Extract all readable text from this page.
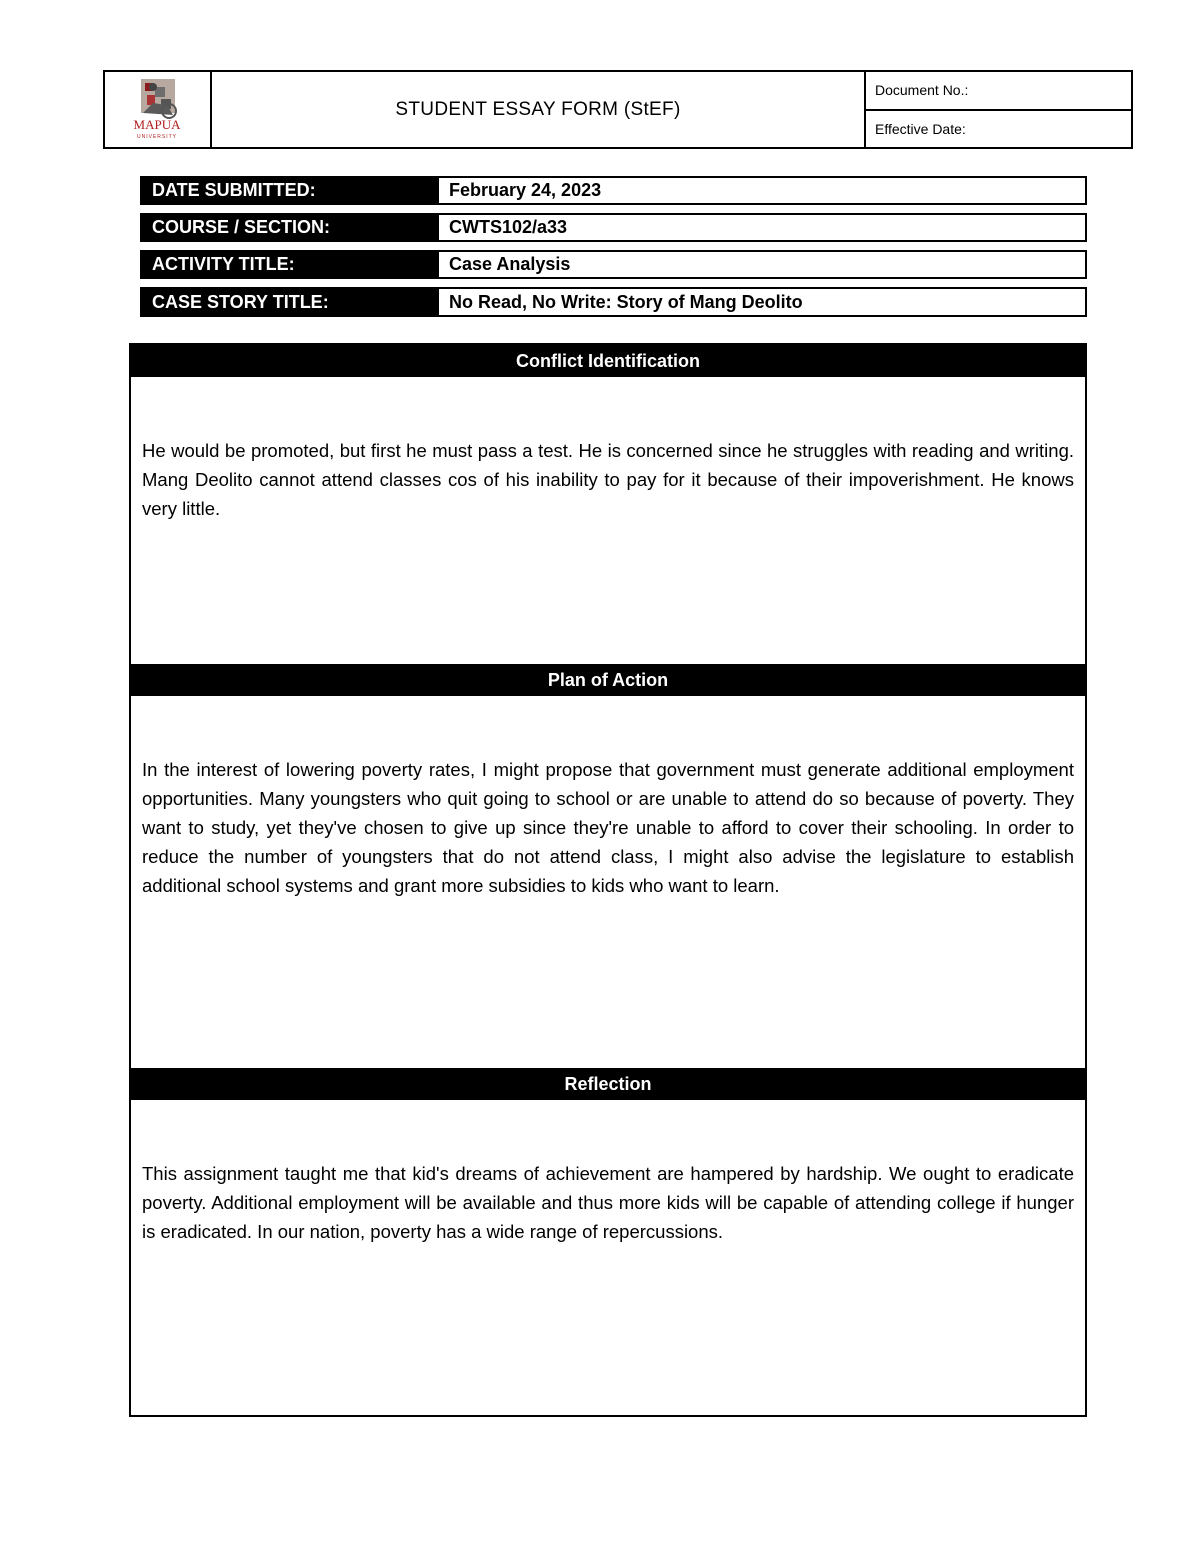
MAPUA
UNIVERSITY
STUDENT ESSAY FORM (StEF)
Document No.:
Effective Date:
DATE SUBMITTED:	February 24, 2023
COURSE / SECTION:	CWTS102/a33
ACTIVITY TITLE:	Case Analysis
CASE STORY TITLE:	No Read, No Write: Story of Mang Deolito
Conflict Identification
He would be promoted, but first he must pass a test. He is concerned since he struggles with reading and writing. Mang Deolito cannot attend classes cos of his inability to pay for it because of their impoverishment. He knows very little.
Plan of Action
In the interest of lowering poverty rates, I might propose that government must generate additional employment opportunities. Many youngsters who quit going to school or are unable to attend do so because of poverty. They want to study, yet they've chosen to give up since they're unable to afford to cover their schooling. In order to reduce the number of youngsters that do not attend class, I might also advise the legislature to establish additional school systems and grant more subsidies to kids who want to learn.
Reflection
This assignment taught me that kid's dreams of achievement are hampered by hardship. We ought to eradicate poverty. Additional employment will be available and thus more kids will be capable of attending college if hunger is eradicated. In our nation, poverty has a wide range of repercussions.
